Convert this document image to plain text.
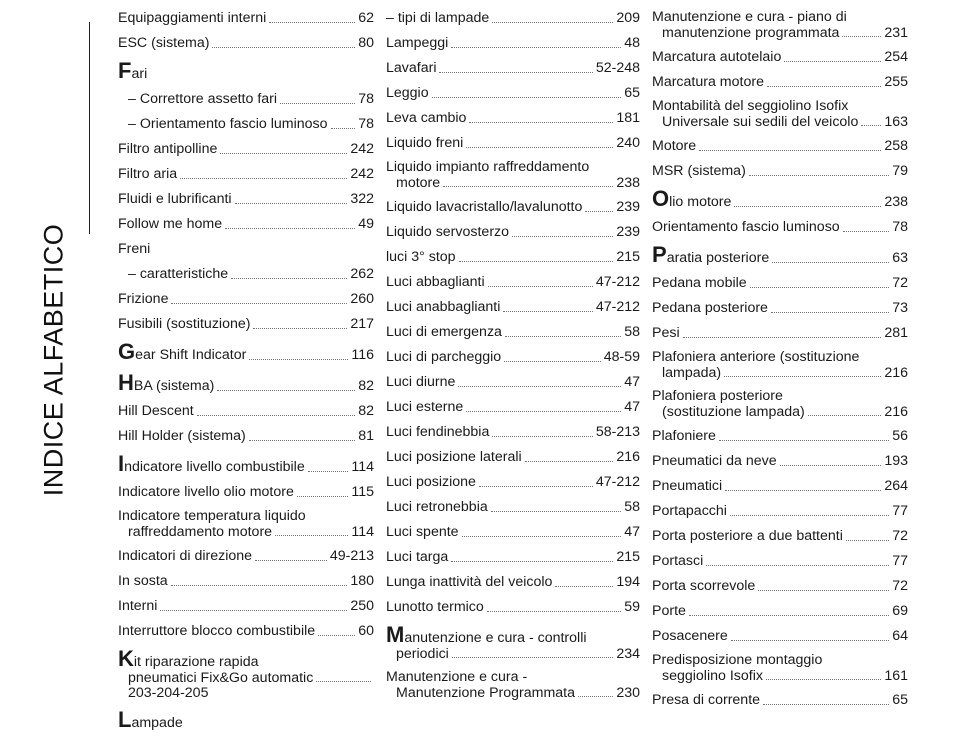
INDICE ALFABETICO
Equipaggiamenti interni	62
ESC (sistema)	80
Fari
– Correttore assetto fari	78
– Orientamento fascio luminoso 78
Filtro antipolline	242
Filtro aria	242
Fluidi e lubrificanti	322
Follow me home	49
Freni
– caratteristiche	262
Frizione	260
Fusibili (sostituzione)	217
Gear Shift Indicator	116
HBA (sistema)	82
Hill Descent	82
Hill Holder (sistema)	81
Indicatore livello combustibile	114
Indicatore livello olio motore	115
Indicatore temperatura liquido
raffreddamento motore	114
Indicatori di direzione	49-213
In sosta	180
Interni	250
Interruttore blocco combustibile	60
Kit riparazione rapida
pneumatici Fix&Go automatic
203-204-205
Lampade
– tipi di lampade	209
Lampeggi	48
Lavafari	52-248
Leggio	65
Leva cambio	181
Liquido freni	240
Liquido impianto raffreddamento
motore	238
Liquido lavacristallo/lavalunotto 239
Liquido servosterzo	239
luci 3° stop	215
Luci abbaglianti	47-212
Luci anabbaglianti	47-212
Luci di emergenza	58
Luci di parcheggio	48-59
Luci diurne	47
Luci esterne	47
Luci fendinebbia	58-213
Luci posizione laterali	216
Luci posizione	47-212
Luci retronebbia	58
Luci spente	47
Luci targa	215
Lunga inattività del veicolo	194
Lunotto termico	59
Manutenzione e cura - controlli
periodici	234
Manutenzione e cura -
Manutenzione Programmata	230
Manutenzione e cura - piano di
manutenzione programmata	231
Marcatura autotelaio	254
Marcatura motore	255
Montabilità del seggiolino Isofix
Universale sui sedili del veicolo 163
Motore	258
MSR (sistema)	79
Olio motore	238
Orientamento fascio luminoso	78
Paratia posteriore	63
Pedana mobile	72
Pedana posteriore	73
Pesi	281
Plafoniera anteriore (sostituzione
lampada)	216
Plafoniera posteriore
(sostituzione lampada)	216
Plafoniere	56
Pneumatici da neve	193
Pneumatici	264
Portapacchi	77
Porta posteriore a due battenti	72
Portasci	77
Porta scorrevole	72
Porte	69
Posacenere	64
Predisposizione montaggio
seggiolino Isofix	161
Presa di corrente	65
